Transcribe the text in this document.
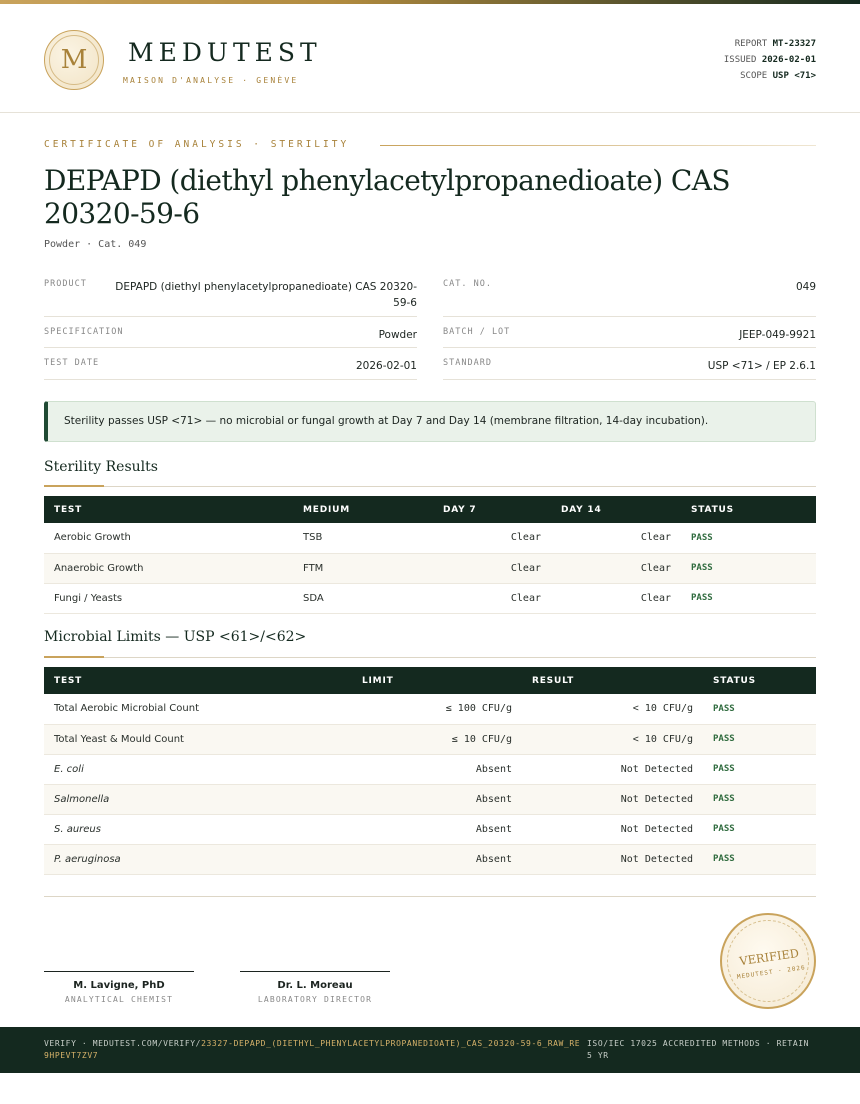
M	MEDUTEST
MAISON D'ANALYSE · GENÈVE
REPORT MT-23327
ISSUED 2026-02-01
SCOPE USP <71>
CERTIFICATE OF ANALYSIS · STERILITY
DEPAPD (diethyl phenylacetylpropanedioate) CAS 20320-59-6
Powder · Cat. 049
PRODUCT	DEPAPD (diethyl phenylacetylpropanedioate) CAS 20320-59-6
CAT. NO.	049
SPECIFICATION	Powder	BATCH / LOT	JEEP-049-9921
TEST DATE	2026-02-01	STANDARD	USP <71> / EP 2.6.1
Sterility passes USP <71> — no microbial or fungal growth at Day 7 and Day 14 (membrane filtration, 14-day incubation).
Sterility Results
TEST	MEDIUM	DAY 7	DAY 14	STATUS
Aerobic Growth	TSB	Clear	Clear	PASS
Anaerobic Growth	FTM	Clear	Clear	PASS
Fungi / Yeasts	SDA	Clear	Clear	PASS
Microbial Limits — USP <61>/<62>
TEST	LIMIT	RESULT	STATUS
Total Aerobic Microbial Count	≤ 100 CFU/g	< 10 CFU/g	PASS
Total Yeast & Mould Count	≤ 10 CFU/g	< 10 CFU/g	PASS
E. coli	Absent	Not Detected	PASS
Salmonella	Absent	Not Detected	PASS
S. aureus	Absent	Not Detected	PASS
P. aeruginosa	Absent	Not Detected	PASS
M. Lavigne, PhD
ANALYTICAL CHEMIST
Dr. L. Moreau
LABORATORY DIRECTOR
VERIFIED
MEDUTEST · 2026
VERIFY · MEDUTEST.COM/VERIFY/23327-DEPAPD_(DIETHYL_PHENYLACETYLPROPANEDIOATE)_CAS_20320-59-6_RAW_RE9HPEVT7ZV7
ISO/IEC 17025 ACCREDITED METHODS · RETAIN 5 YR
